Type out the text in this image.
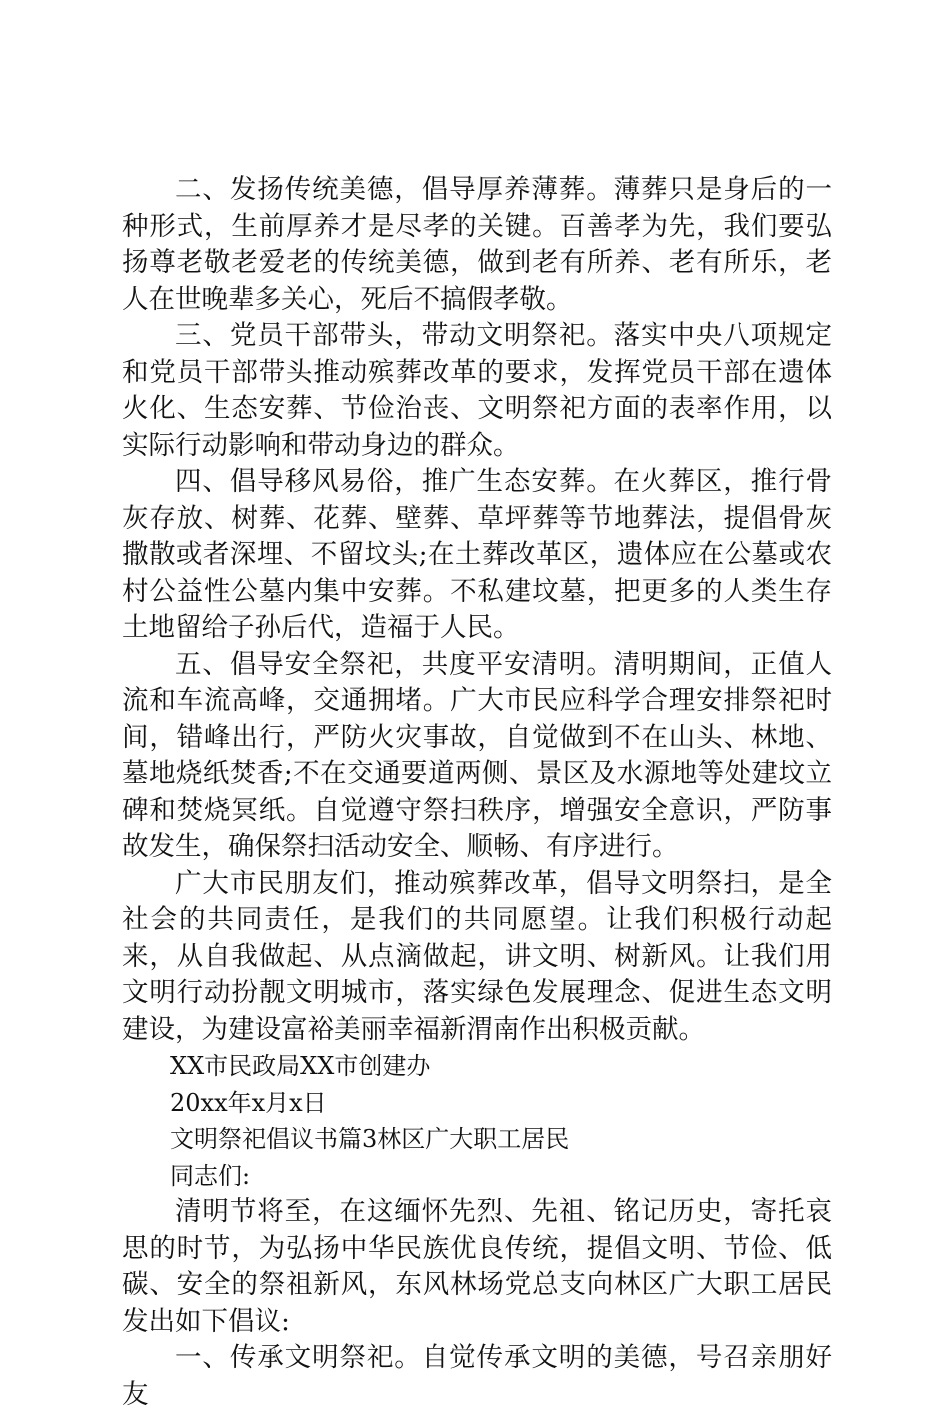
二、发扬传统美德，倡导厚养薄葬。薄葬只是身后的一种形式，生前厚养才是尽孝的关键。百善孝为先，我们要弘扬尊老敬老爱老的传统美德，做到老有所养、老有所乐，老人在世晚辈多关心，死后不搞假孝敬。

三、党员干部带头，带动文明祭祀。落实中央八项规定和党员干部带头推动殡葬改革的要求，发挥党员干部在遗体火化、生态安葬、节俭治丧、文明祭祀方面的表率作用，以实际行动影响和带动身边的群众。

四、倡导移风易俗，推广生态安葬。在火葬区，推行骨灰存放、树葬、花葬、壁葬、草坪葬等节地葬法，提倡骨灰撒散或者深埋、不留坟头;在土葬改革区，遗体应在公墓或农村公益性公墓内集中安葬。不私建坟墓，把更多的人类生存土地留给子孙后代，造福于人民。

五、倡导安全祭祀，共度平安清明。清明期间，正值人流和车流高峰，交通拥堵。广大市民应科学合理安排祭祀时间，错峰出行，严防火灾事故，自觉做到不在山头、林地、墓地烧纸焚香;不在交通要道两侧、景区及水源地等处建坟立碑和焚烧冥纸。自觉遵守祭扫秩序，增强安全意识，严防事故发生，确保祭扫活动安全、顺畅、有序进行。

广大市民朋友们，推动殡葬改革，倡导文明祭扫，是全社会的共同责任，是我们的共同愿望。让我们积极行动起来，从自我做起、从点滴做起，讲文明、树新风。让我们用文明行动扮靓文明城市，落实绿色发展理念、促进生态文明建设，为建设富裕美丽幸福新渭南作出积极贡献。

XX市民政局XX市创建办

20xx年x月x日

文明祭祀倡议书篇3林区广大职工居民

同志们:

清明节将至，在这缅怀先烈、先祖、铭记历史，寄托哀思的时节，为弘扬中华民族优良传统，提倡文明、节俭、低碳、安全的祭祖新风，东风林场党总支向林区广大职工居民发出如下倡议:

一、传承文明祭祀。自觉传承文明的美德，号召亲朋好友
